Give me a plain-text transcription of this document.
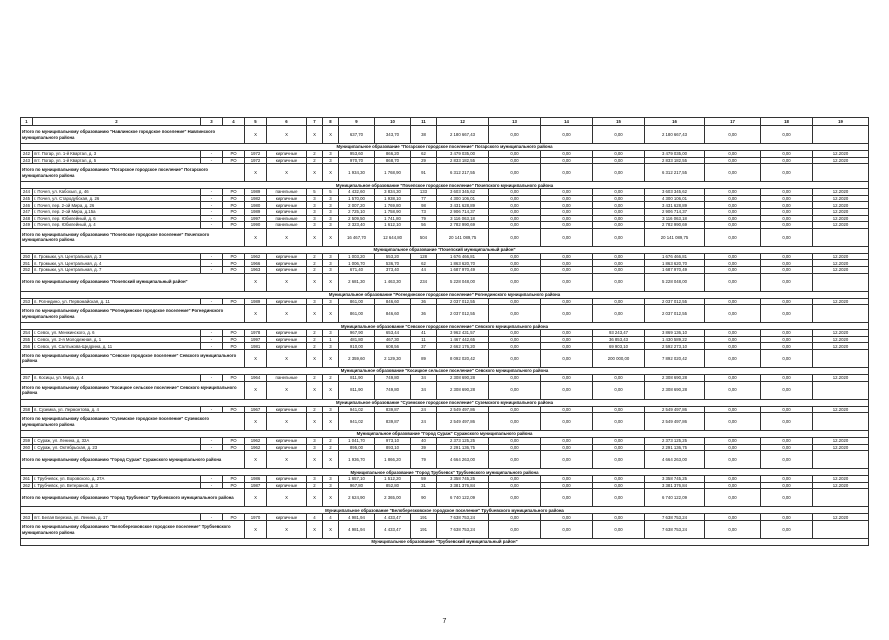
1	2	3	4	5	6	7	8	9	10	11	12	13	14	15	16	17	18	19
Итого по муниципальному образованию "Навлинское городское поселение" Навлинского муниципального района				X	X	X	X	637,70	343,70	38	2 180 667,43	0,00	0,00	0,00	2 180 667,43	0,00	0,00	
Муниципальное образование "Погарское городское поселение" Погарского муниципального района																		
242	пгт. Погар, ул. 1-й Квартал, д. 3	-	РО	1972	кирпичные	2	3	953,60	866,20	62	3 479 035,00	0,00	0,00	0,00	3 479 035,00	0,00	0,00	12.2020
243	пгт. Погар, ул. 1-й Квартал, д. 5	-	РО	1972	кирпичные	2	3	970,70	868,70	29	2 833 182,55	0,00	0,00	0,00	2 833 182,55	0,00	0,00	12.2020
Итого по муниципальному образованию "Погарское городское поселение" Погарского муниципального района				X	X	X	X	1 934,30	1 768,90	91	6 312 217,55	0,00	0,00	0,00	6 312 217,55	0,00	0,00	
Муниципальное образование "Почепское городское поселение" Почепского муниципального района																		
244	г. Почеп, ул. Кабохыл, д. 46	-	РО	1989	панельные	5	5	4 432,60	3 834,30	133	3 603 345,62	0,00	0,00	0,00	3 603 345,62	0,00	0,00	12.2020
245	г. Почеп, ул. Стародубская, д. 26	-	РО	1982	кирпичные	3	3	1 570,00	1 938,10	77	4 300 106,01	0,00	0,00	0,00	4 300 106,01	0,00	0,00	12.2020
246	г. Почеп, пер. 2-ой Мира, д. 26	-	РО	1980	кирпичные	3	3	2 007,20	1 769,80	98	3 431 628,89	0,00	0,00	0,00	3 431 628,89	0,00	0,00	12.2020
247	г. Почеп, пер. 2-ой Мира, д.15а	-	РО	1989	кирпичные	3	3	2 725,10	1 758,90	73	2 906 714,37	0,00	0,00	0,00	2 906 714,37	0,00	0,00	12.2020
248	г. Почеп, пер. Юбилейный, д. 6	-	РО	1997	панельные	3	3	2 509,50	1 741,80	79	3 116 063,18	0,00	0,00	0,00	3 116 063,18	0,00	0,00	12.2020
249	г. Почеп, пер. Юбилейный, д. 4	-	РО	1990	панельные	3	3	2 323,40	1 612,10	56	2 782 990,69	0,00	0,00	0,00	2 782 990,69	0,00	0,00	12.2020
Итого по муниципальному образованию "Почепское городское поселение" Почепского муниципального района				X	X	X	X	16 467,70	12 644,80	504	20 141 089,75	0,00	0,00	0,00	20 141 089,75	0,00	0,00	
Муниципальное образование "Почепский муниципальный район"																		
250	п. Громыки, ул. Центральная, д. 3	-	РО	1962	кирпичные	2	3	1 003,20	553,20	128	1 676 466,81	0,00	0,00	0,00	1 676 466,81	0,00	0,00	12.2020
251	п. Громыки, ул. Центральная, д. 4	-	РО	1966	кирпичные	2	3	1 006,70	536,70	62	1 863 620,70	0,00	0,00	0,00	1 863 620,70	0,00	0,00	12.2020
252	п. Громыки, ул. Центральная, д. 7	-	РО	1963	кирпичные	2	3	671,40	373,40	44	1 687 970,49	0,00	0,00	0,00	1 687 970,49	0,00	0,00	12.2020
Итого по муниципальному образованию "Почепский муниципальный район"				X	X	X	X	2 681,30	1 463,30	234	5 228 048,00	0,00	0,00	0,00	5 228 048,00	0,00	0,00	
Муниципальное образование "Рогнединское городское поселение" Рогнединского муниципального района																		
253	п. Рогнедино, ул. Первомайская, д. 11	-	РО	1989	кирпичные	3	3	861,00	846,60	36	2 037 012,55	0,00	0,00	0,00	2 037 012,55	0,00	0,00	12.2020
Итого по муниципальному образованию "Рогнединское городское поселение" Рогнединского муниципального района				X	X	X	X	861,00	846,60	36	2 037 012,55	0,00	0,00	0,00	2 037 012,55	0,00	0,00	
Муниципальное образование "Севское городское поселение" Севского муниципального района																		
254	г. Севск, ул. Менжинского, д. 6	-	РО	1978	кирпичные	2	3	967,90	653,44	41	3 962 431,57	0,00	0,00	93 243,47	3 869 136,10	0,00	0,00	12.2020
255	г. Севск, ул. 2-я Молодежная, д. 1	-	РО	1997	кирпичные	2	1	481,80	467,30	11	1 467 442,65	0,00	0,00	36 853,43	1 430 589,22	0,00	0,00	12.2020
256	г. Севск, ул. Салтыкова-Щедрина, д. 11	-	РО	1981	кирпичные	2	3	910,00	608,56	37	2 662 176,20	0,00	0,00	69 903,10	2 592 273,10	0,00	0,00	12.2020
Итого по муниципальному образованию "Севское городское поселение" Севского муниципального района				X	X	X	X	2 359,60	2 129,30	89	8 092 020,42	0,00	0,00	200 000,00	7 892 020,42	0,00	0,00	
Муниципальное образование "Косицкое сельское поселение" Севского муниципального района																		
257	п. Косицы, ул. Мира, д. 4	-	РО	1964	панельные	2	2	811,90	749,80	34	2 308 690,28	0,00	0,00	0,00	2 308 690,28	0,00	0,00	12.2020
Итого по муниципальному образованию "Косицкое сельское поселение" Севского муниципального района				X	X	X	X	811,90	749,80	34	2 308 690,28	0,00	0,00	0,00	2 308 690,28	0,00	0,00	
Муниципальное образование "Суземское городское поселение" Суземского муниципального района																		
258	п. Суземка, ул. Лермонтова, д. 4	-	РО	1967	кирпичные	2	3	941,02	839,87	24	2 549 497,86	0,00	0,00	0,00	2 549 497,86	0,00	0,00	12.2020
Итого по муниципальному образованию "Суземское городское поселение" Суземского муниципального района				X	X	X	X	941,02	839,87	24	2 549 497,86	0,00	0,00	0,00	2 549 497,86	0,00	0,00	
Муниципальное образование "Город Сураж" Суражского муниципального района																		
259	г. Сураж, ул. Ленина, д. 32А	-	РО	1962	кирпичные	3	2	1 041,70	973,10	40	2 373 125,25	0,00	0,00	0,00	2 373 125,25	0,00	0,00	12.2020
260	г. Сураж, ул. Октябрьская, д. 23	-	РО	1962	кирпичные	3	2	895,00	893,10	39	2 291 136,75	0,00	0,00	0,00	2 291 136,75	0,00	0,00	12.2020
Итого по муниципальному образованию "Город Сураж" Суражского муниципального района				X	X	X	X	1 936,70	1 866,20	79	4 664 263,00	0,00	0,00	0,00	4 664 263,00	0,00	0,00	
Муниципальное образование "Город Трубчевск" Трубчевского муниципального района																		
261	г. Трубчевск, ул. Воровского, д. 27А	-	РО	1986	кирпичные	3	3	1 657,10	1 512,20	59	3 358 745,25	0,00	0,00	0,00	3 358 745,25	0,00	0,00	12.2020
262	г. Трубчевск, ул. Ветеранов, д. 3	-	РО	1987	кирпичные	2	3	967,80	852,80	31	3 381 376,84	0,00	0,00	0,00	3 381 376,84	0,00	0,00	12.2020
Итого по муниципальному образованию "Город Трубчевск" Трубчевского муниципального района				X	X	X	X	2 624,90	2 365,00	90	6 740 122,09	0,00	0,00	0,00	6 740 122,09	0,00	0,00	
Муниципальное образование "Белоберезковское городское поселение" Трубчевского муниципального района																		
263	пгт. Белая Березка, ул. Ленина, д. 17	-	РО	1970	кирпичные	4	4	4 981,94	4 433,47	191	7 638 753,24	0,00	0,00	0,00	7 638 753,24	0,00	0,00	12.2020
Итого по муниципальному образованию "Белоберезковское городское поселение" Трубчевского муниципального района				X	X	X	X	4 981,94	4 433,47	191	7 638 753,24	0,00	0,00	0,00	7 638 753,24	0,00	0,00	
Муниципальное образование "Трубчевский муниципальный район"																		
7
